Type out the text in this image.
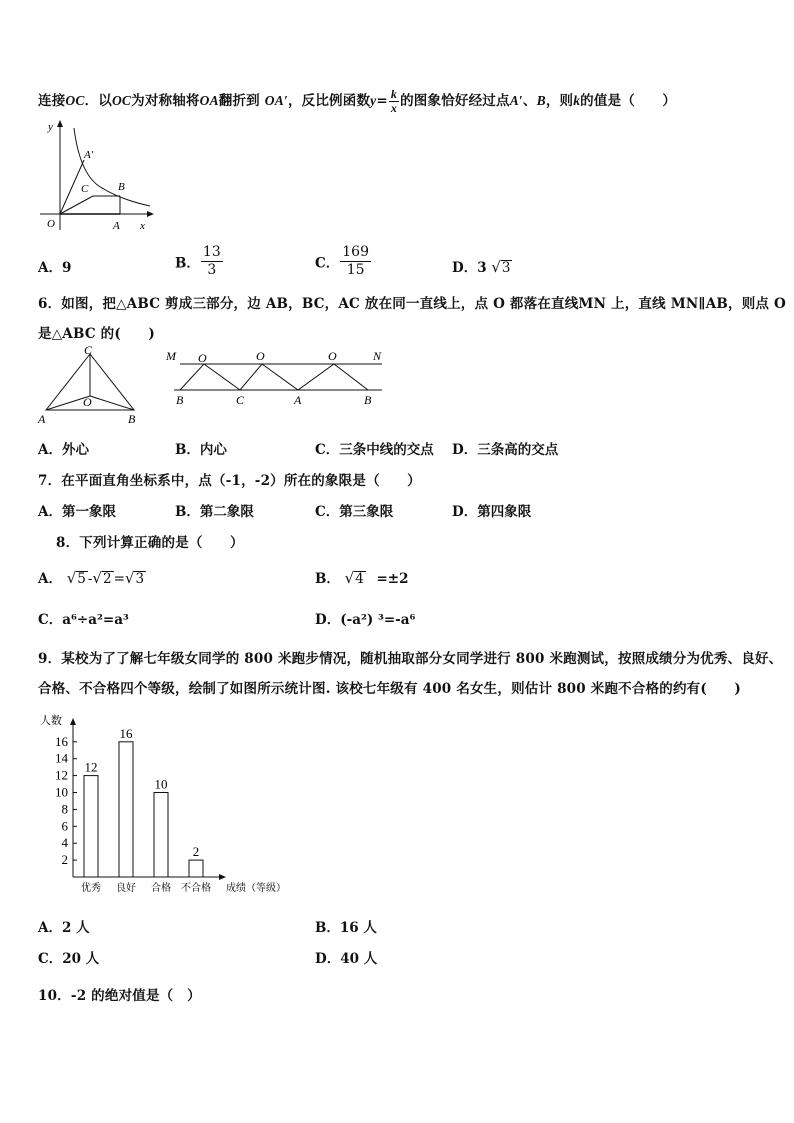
连接OC．以OC为对称轴将OA翻折到 OA′，反比例函数$y= \frac{k}{x}$ 的图象恰好经过点A′、B，则k的值是（　　）
y
x
O
A′
C	B
A
A．9	B． $\frac{13}{3}$	C． $\frac{169}{15}$	D．3 √3
6．如图，把△ABC 剪成三部分，边 AB，BC，AC 放在同一直线上，点 O 都落在直线MN 上，直线 MN∥AB，则点 O
是△ABC 的(　　)
C
O
A	B
M O	O	O	N
B	C	A	B
A．外心	B．内心	C．三条中线的交点 D．三条高的交点
7．在平面直角坐标系中，点（-1，-2）所在的象限是（　　）
A．第一象限	B．第二象限	C．第三象限	D．第四象限
8．下列计算正确的是（　　）
A． √5 -√2 =√3	B． √4 =±2
C．a⁶÷a²=a³	D．(-a²) ³=-a⁶
9．某校为了了解七年级女同学的 800 米跑步情况，随机抽取部分女同学进行 800 米跑测试，按照成绩分为优秀、良好、
合格、不合格四个等级，绘制了如图所示统计图. 该校七年级有 400 名女生，则估计 800 米跑不合格的约有(　　)
人数
成绩（等级）
2
4
6
8
10
12
14
16
12
优秀
16
良好
10
合格
2
不合格
A．2 人	B．16 人
C．20 人	D．40 人
10．-2 的绝对值是（　）
